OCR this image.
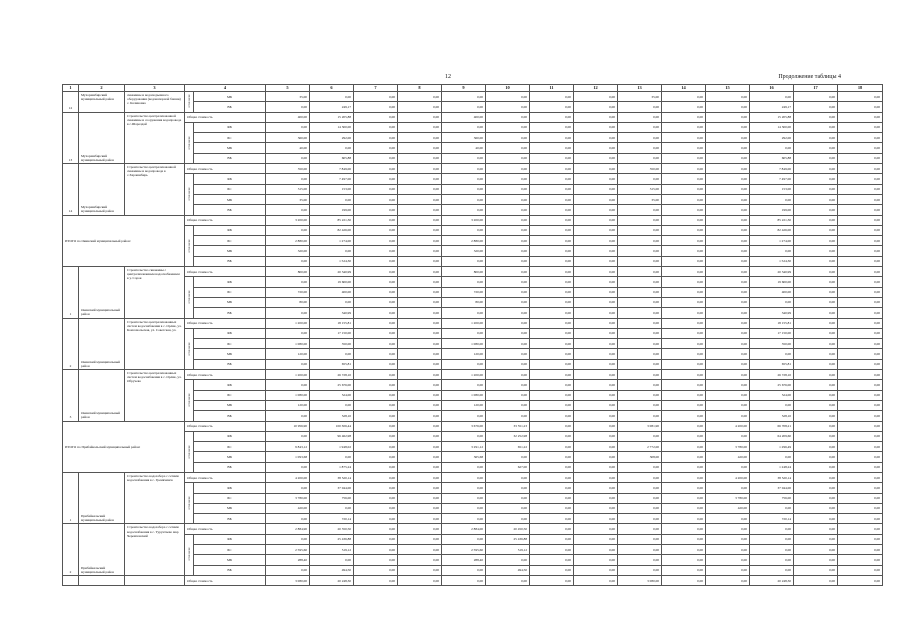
12	Продолжение таблицы 4
1	2	3	4		5	6	7	8	9	10	11	12	13	14	15	16	17	18
12	Мухоршибирский муниципальный район	скважины и водоподъемного оборудования (водонапорной башни) с. Калиновка	в том числе:	МБ	35,00	0,00	0,00	0,00	0,00	0,00	0,00	0,00	35,00	0,00	0,00	0,00	0,00	0,00
				ВБ	0,00	249,17	0,00	0,00	0,00	0,00	0,00	0,00	0,00	0,00	0,00	249,17	0,00	0,00
13	Мухоршибирский муниципальный район	Строительство централизованной скважины и сооружения водопровода в с.Шаралдай	Общая стоимость		400,00	15 205,88	0,00	0,00	400,00	0,00	0,00	0,00	0,00	0,00	0,00	15 205,88	0,00	0,00
			в том числе:	ФБ	0,00	14 300,00	0,00	0,00	0,00	0,00	0,00	0,00	0,00	0,00	0,00	14 300,00	0,00	0,00
				БС	360,00	292,00	0,00	0,00	360,00	0,00	0,00	0,00	0,00	0,00	0,00	292,00	0,00	0,00
				МБ	40,00	0,00	0,00	0,00	40,00	0,00	0,00	0,00	0,00	0,00	0,00	0,00	0,00	0,00
				ВБ	0,00	605,88	0,00	0,00	0,00	0,00	0,00	0,00	0,00	0,00	0,00	605,88	0,00	0,00
14	Мухоршибирский муниципальный район	Строительство централизованной скважины и водопровода в с.Харашибирь	Общая стоимость		350,00	7 849,00	0,00	0,00	0,00	0,00	0,00	0,00	350,00	0,00	0,00	7 849,00	0,00	0,00
			в том числе:	ФБ	0,00	7 497,00	0,00	0,00	0,00	0,00	0,00	0,00	0,00	0,00	0,00	7 497,00	0,00	0,00
				БС	315,00	153,00	0,00	0,00	0,00	0,00	0,00	0,00	315,00	0,00	0,00	153,00	0,00	0,00
				МБ	35,00	0,00	0,00	0,00	0,00	0,00	0,00	0,00	35,00	0,00	0,00	0,00	0,00	0,00
				ВБ	0,00	199,00	0,00	0,00	0,00	0,00	0,00	0,00	0,00	0,00	0,00	199,00	0,00	0,00
ИТОГО по Окинский муниципальный район:			Общая стоимость		3 200,00	85 221,30	0,00	0,00	3 200,00	0,00	0,00	0,00	0,00	0,00	0,00	85 221,30	0,00	0,00
			в том числе:	ФБ	0,00	82 426,00	0,00	0,00	0,00	0,00	0,00	0,00	0,00	0,00	0,00	82 426,00	0,00	0,00
				БС	2 880,00	1 274,00	0,00	0,00	2 880,00	0,00	0,00	0,00	0,00	0,00	0,00	1 274,00	0,00	0,00
				МБ	320,00	0,00	0,00	0,00	320,00	0,00	0,00	0,00	0,00	0,00	0,00	0,00	0,00	0,00
				ВБ	0,00	1 524,30	0,00	0,00	0,00	0,00	0,00	0,00	0,00	0,00	0,00	1 524,30	0,00	0,00
1	Окинский муниципальный район	Строительство скважины с централизованным водоснабжением в у. Сорок	Общая стоимость		800,00	20 340,99	0,00	0,00	800,00	0,00	0,00	0,00	0,00	0,00	0,00	20 340,99	0,00	0,00
			в том числе:	ФБ	0,00	19 600,00	0,00	0,00	0,00	0,00	0,00	0,00	0,00	0,00	0,00	19 600,00	0,00	0,00
				БС	720,00	400,00	0,00	0,00	720,00	0,00	0,00	0,00	0,00	0,00	0,00	400,00	0,00	0,00
				МБ	80,00	0,00	0,00	0,00	80,00	0,00	0,00	0,00	0,00	0,00	0,00	0,00	0,00	0,00
				ВБ	0,00	340,99	0,00	0,00	0,00	0,00	0,00	0,00	0,00	0,00	0,00	340,99	0,00	0,00
2	Окинский муниципальный район	Строительство централизованных систем водоснабжения в с. Орлик, ул. Комсомольская, ул. Советская, ул.	Общая стоимость		1 200,00	18 155,81	0,00	0,00	1 200,00	0,00	0,00	0,00	0,00	0,00	0,00	18 155,81	0,00	0,00
			в том числе:	ФБ	0,00	17 150,00	0,00	0,00	0,00	0,00	0,00	0,00	0,00	0,00	0,00	17 150,00	0,00	0,00
				БС	1 080,00	350,00	0,00	0,00	1 080,00	0,00	0,00	0,00	0,00	0,00	0,00	350,00	0,00	0,00
				МБ	120,00	0,00	0,00	0,00	120,00	0,00	0,00	0,00	0,00	0,00	0,00	0,00	0,00	0,00
				ВБ	0,00	655,81	0,00	0,00	0,00	0,00	0,00	0,00	0,00	0,00	0,00	655,81	0,00	0,00
3	Окинский муниципальный район	Строительство централизованных систем водоснабжения в с. Орлик, ул. Обручева	Общая стоимость		1 200,00	26 728,10	0,00	0,00	1 200,00	0,00	0,00	0,00	0,00	0,00	0,00	26 728,10	0,00	0,00
			в том числе:	ФБ	0,00	25 676,00	0,00	0,00	0,00	0,00	0,00	0,00	0,00	0,00	0,00	25 676,00	0,00	0,00
				БС	1 080,00	524,00	0,00	0,00	1 080,00	0,00	0,00	0,00	0,00	0,00	0,00	524,00	0,00	0,00
				МБ	120,00	0,00	0,00	0,00	120,00	0,00	0,00	0,00	0,00	0,00	0,00	0,00	0,00	0,00
				ВБ	0,00	528,10	0,00	0,00	0,00	0,00	0,00	0,00	0,00	0,00	0,00	528,10	0,00	0,00
ИТОГО по Прибайкальский муниципальный район:			Общая стоимость		10 956,90	100 306,44	0,00	0,00	3 676,00	33 551,23	0,00	0,00	3 081,90	0,00	4 200,00	66 708,21	0,00	0,00
			в том числе:	ФБ	0,00	96 462,98	0,00	0,00	0,00	32 252,98	0,00	0,00	0,00	0,00	0,00	64 209,60	0,00	0,00
				БС	9 843,12	1 948,02	0,00	0,00	3 291,12	651,22	0,00	0,00	2 772,00	0,00	3 780,00	1 296,49	0,00	0,00
				МБ	1 093,68	0,00	0,00	0,00	365,68	0,00	0,00	0,00	308,00	0,00	420,00	0,00	0,00	0,00
				ВБ	0,00	1 875,24	0,00	0,00	0,00	627,00	0,00	0,00	0,00	0,00	0,00	1 248,24	0,00	0,00
1	Прибайкальский муниципальный район	Строительство водозабора с сетями водоснабжения в с. Гремячинск	Общая стоимость		4 200,00	38 520,14	0,00	0,00	0,00	0,00	0,00	0,00	0,00	0,00	4 200,00	38 520,14	0,00	0,00
			в том числе:	ФБ	0,00	37 044,00	0,00	0,00	0,00	0,00	0,00	0,00	0,00	0,00	0,00	37 044,00	0,00	0,00
				БС	3 780,00	756,00	0,00	0,00	0,00	0,00	0,00	0,00	0,00	0,00	3 780,00	756,00	0,00	0,00
				МБ	420,00	0,00	0,00	0,00	0,00	0,00	0,00	0,00	0,00	0,00	420,00	0,00	0,00	0,00
				ВБ	0,00	720,14	0,00	0,00	0,00	0,00	0,00	0,00	0,00	0,00	0,00	720,14	0,00	0,00
2	Прибайкальский муниципальный район	Строительство водозабора с сетями водоснабжения в с. Турунтаево мкр Черемховский	Общая стоимость		2 884,90	20 350,50	0,00	0,00	2 884,00	20 450,50	0,00	0,00	0,00	0,00	0,00	0,00	0,00	0,00
			в том числе:	ФБ	0,00	25 436,88	0,00	0,00	0,00	25 436,88	0,00	0,00	0,00	0,00	0,00	0,00	0,00	0,00
				БС	2 595,60	519,12	0,00	0,00	2 595,60	519,12	0,00	0,00	0,00	0,00	0,00	0,00	0,00	0,00
				МБ	288,40	0,00	0,00	0,00	288,40	0,00	0,00	0,00	0,00	0,00	0,00	0,00	0,00	0,00
				ВБ	0,00	494,50	0,00	0,00	0,00	494,50	0,00	0,00	0,00	0,00	0,00	0,00	0,00	0,00
			Общая стоимость		3 080,00	20 248,30	0,00	0,00	0,00	0,00	0,00	0,00	3 080,00	0,00	0,00	20 248,30	0,00	0,00
